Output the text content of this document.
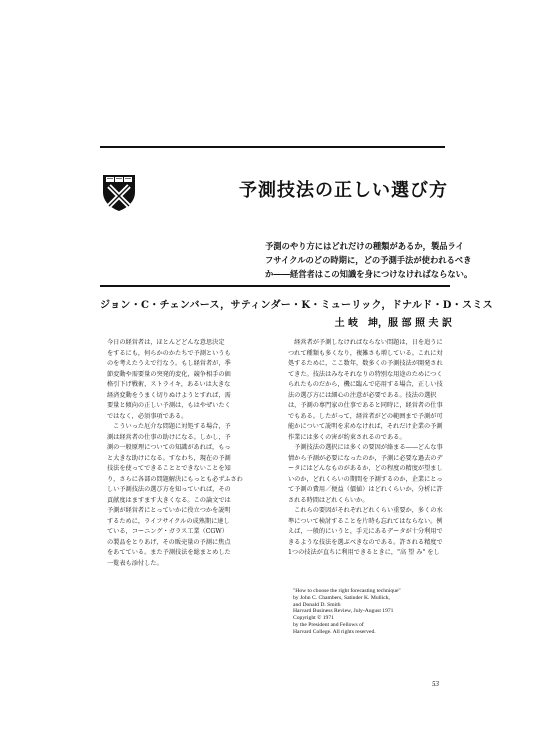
予測技法の正しい選び方
予測のやり方にはどれだけの種類があるか，製品ライ
フサイクルのどの時期に，どの予測手法が使われるべき
か――経営者はこの知識を身につけなければならない。
ジョン・C・チェンバース，サティンダー・K・ミューリック，ドナルド・D・スミス
土 岐　坤，服 部 照 夫 訳
今日の経営者は，ほとんどどんな意思決定
をするにも，何らかのかたちで予測というも
のを考えたうえで行なう。もし経営者が，季
節変動や需要量の突発的変化，競争相手の価
格引下げ戦術，ストライキ，あるいは大きな
経済変動をうまく切りぬけようとすれば，需
要量と傾向の正しい予測は，もはやぜいたく
ではなく，必須事項である。
　こういった厄介な問題に対処する場合，予
測は経営者の仕事の助けになる。しかし，予
測の一般原理についての知識があれば，もっ
と大きな助けになる。すなわち，現在の予測
技法を使ってできることとできないことを知
り，さらに各部の問題解決にもっとも必ずふさわ
しい予測技法の選び方を知っていれば，その
貢献度はますます大きくなる。この論文では
予測が経営者にとっていかに役立つかを説明
するために，ライフサイクルの成熟期に達し
ている，コーニング・ガラス工業（CGW）
の製品をとりあげ，その販売量の予測に焦点
をあてている。また予測技法を総まとめした
一覧表も添付した。
　経営者が予測しなければならない問題は，日を追うに
つれて種類も多くなり，複雑さも増している。これに対
処するために，ここ数年，数多くの予測技法が開発され
てきた。技法はみなそれなりの特別な用途のためにつく
られたものだから，機に臨んで応用する場合，正しい技
法の選び方には細心の注意が必要である。技法の選択
は，予測の専門家の仕事であると同時に，経営者の仕事
でもある。したがって，経営者がどの範囲まで予測が可
能かについて説明を求めなければ，それだけ企業の予測
作業には多くの害が約束されるのである。
　予測技法の選択には多くの要因が絡まる――どんな事
情から予測が必要になったのか，予測に必要な過去のデ
ータにはどんなものがあるか，どの程度の精度が望まし
いのか，どれくらいの期間を予測するのか，企業にとっ
て予測の費用／便益（價値）はどれくらいか，分析に許
される時間はどれくらいか。
　これらの要因がそれぞれどれくらい重要か，多くの水
準について検討することを片時も忘れてはならない。例
えば，一般的にいうと，手元にあるデータが十分利用で
きるような技法を選ぶべきなのである。許される精度で
1つの技法が直ちに利用できるときに，"高 望 み" をし
"How to choose the right forecasting technique"
by John C. Chambers, Satinder K. Mullick,
and Donald D. Smith
Harvard Business Review, July-August 1971
Copyright © 1971
by the President and Fellows of
Harvard College. All rights reserved.
53
